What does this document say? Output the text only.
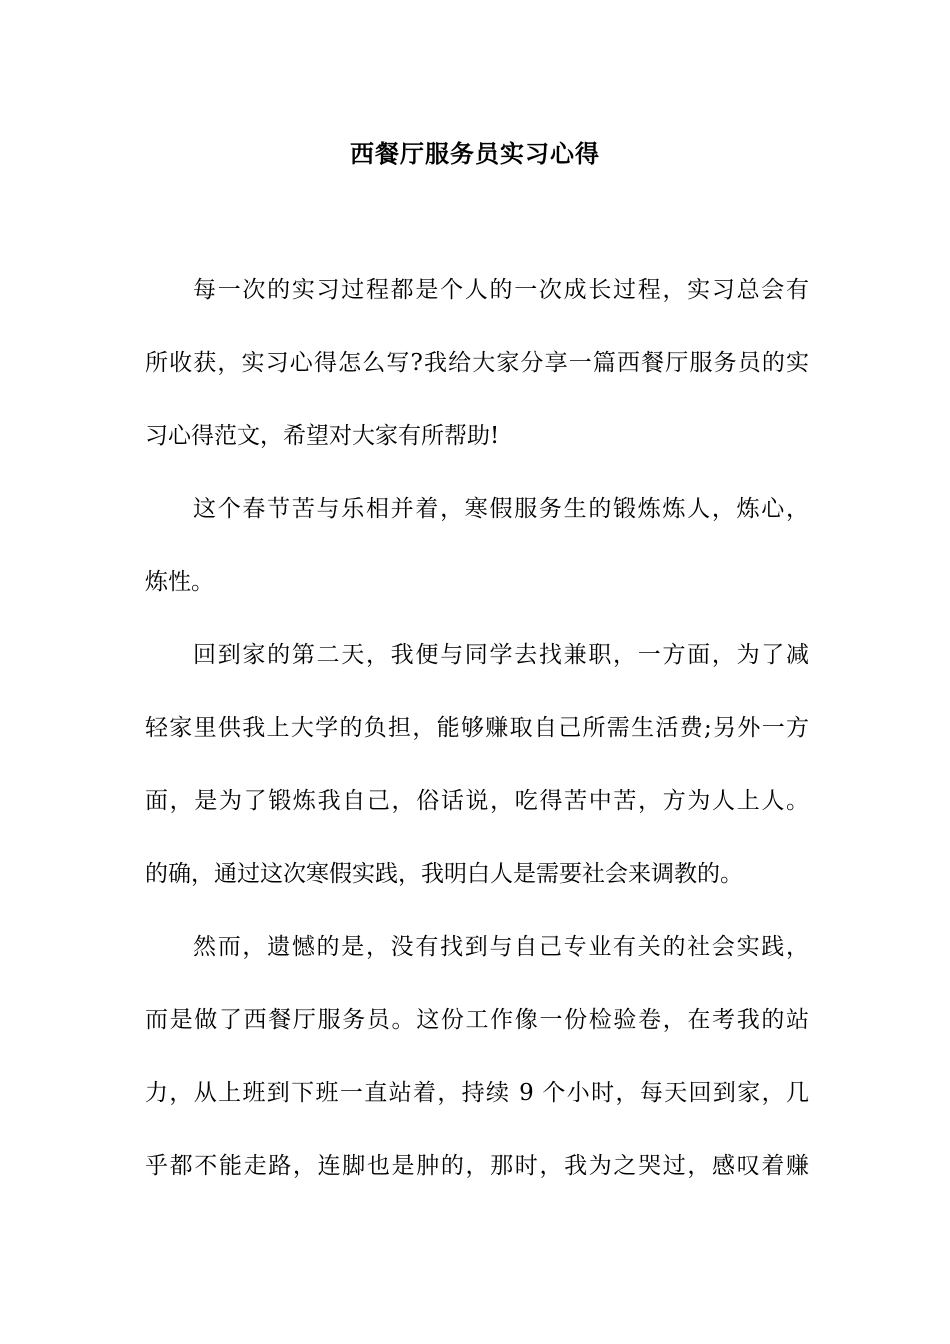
西餐厅服务员实习心得
每一次的实习过程都是个人的一次成长过程，实习总会有
所收获，实习心得怎么写?我给大家分享一篇西餐厅服务员的实
习心得范文，希望对大家有所帮助!
这个春节苦与乐相并着，寒假服务生的锻炼炼人，炼心，
炼性。
回到家的第二天，我便与同学去找兼职，一方面，为了减
轻家里供我上大学的负担，能够赚取自己所需生活费;另外一方
面，是为了锻炼我自己，俗话说，吃得苦中苦，方为人上人。
的确，通过这次寒假实践，我明白人是需要社会来调教的。
然而，遗憾的是，没有找到与自己专业有关的社会实践，
而是做了西餐厅服务员。这份工作像一份检验卷，在考我的站
力，从上班到下班一直站着，持续 9 个小时，每天回到家，几
乎都不能走路，连脚也是肿的，那时，我为之哭过，感叹着赚
